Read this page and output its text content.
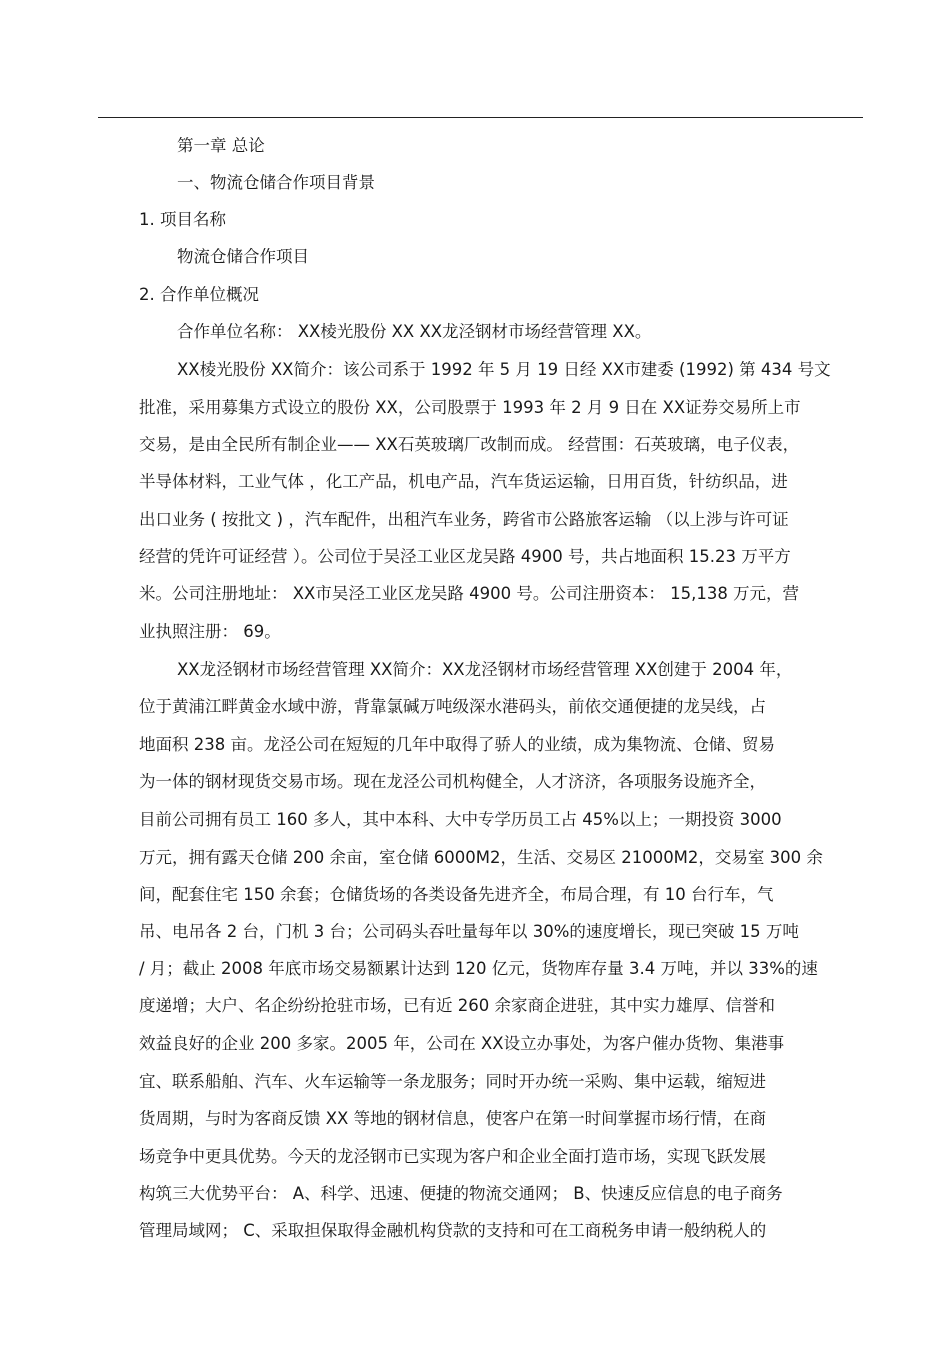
第一章 总论
一、物流仓储合作项目背景
1. 项目名称
物流仓储合作项目
2. 合作单位概况
合作单位名称： XX棱光股份 XX XX龙泾钢材市场经营管理 XX。
XX棱光股份 XX简介：该公司系于 1992 年 5 月 19 日经 XX市建委 (1992) 第 434 号文
批准，采用募集方式设立的股份 XX，公司股票于 1993 年 2 月 9 日在 XX证券交易所上市
交易，是由全民所有制企业—— XX石英玻璃厂改制而成。 经营围：石英玻璃，电子仪表，
半导体材料，工业气体 ，化工产品，机电产品，汽车货运运输，日用百货，针纺织品，进
出口业务 ( 按批文 ) ，汽车配件，出租汽车业务，跨省市公路旅客运输 （以上涉与许可证
经营的凭许可证经营 ）。公司位于吴泾工业区龙吴路 4900 号，共占地面积 15.23 万平方
米。公司注册地址： XX市吴泾工业区龙吴路 4900 号。公司注册资本： 15,138 万元，营
业执照注册： 69。
XX龙泾钢材市场经营管理 XX简介：XX龙泾钢材市场经营管理 XX创建于 2004 年，
位于黄浦江畔黄金水域中游，背靠氯碱万吨级深水港码头，前依交通便捷的龙吴线，占
地面积 238 亩。龙泾公司在短短的几年中取得了骄人的业绩，成为集物流、仓储、贸易
为一体的钢材现货交易市场。现在龙泾公司机构健全，人才济济，各项服务设施齐全，
目前公司拥有员工 160 多人，其中本科、大中专学历员工占 45%以上；一期投资 3000
万元，拥有露天仓储 200 余亩，室仓储 6000M2，生活、交易区 21000M2，交易室 300 余
间，配套住宅 150 余套；仓储货场的各类设备先进齐全，布局合理，有 10 台行车，气
吊、电吊各 2 台，门机 3 台；公司码头吞吐量每年以 30%的速度增长，现已突破 15 万吨
/ 月；截止 2008 年底市场交易额累计达到 120 亿元，货物库存量 3.4 万吨，并以 33%的速
度递增；大户、名企纷纷抢驻市场，已有近 260 余家商企进驻，其中实力雄厚、信誉和
效益良好的企业 200 多家。2005 年，公司在 XX设立办事处，为客户催办货物、集港事
宜、联系船舶、汽车、火车运输等一条龙服务；同时开办统一采购、集中运载，缩短进
货周期，与时为客商反馈 XX 等地的钢材信息，使客户在第一时间掌握市场行情，在商
场竞争中更具优势。今天的龙泾钢市已实现为客户和企业全面打造市场，实现飞跃发展
构筑三大优势平台： A、科学、迅速、便捷的物流交通网； B、快速反应信息的电子商务
管理局域网； C、采取担保取得金融机构贷款的支持和可在工商税务申请一般纳税人的
